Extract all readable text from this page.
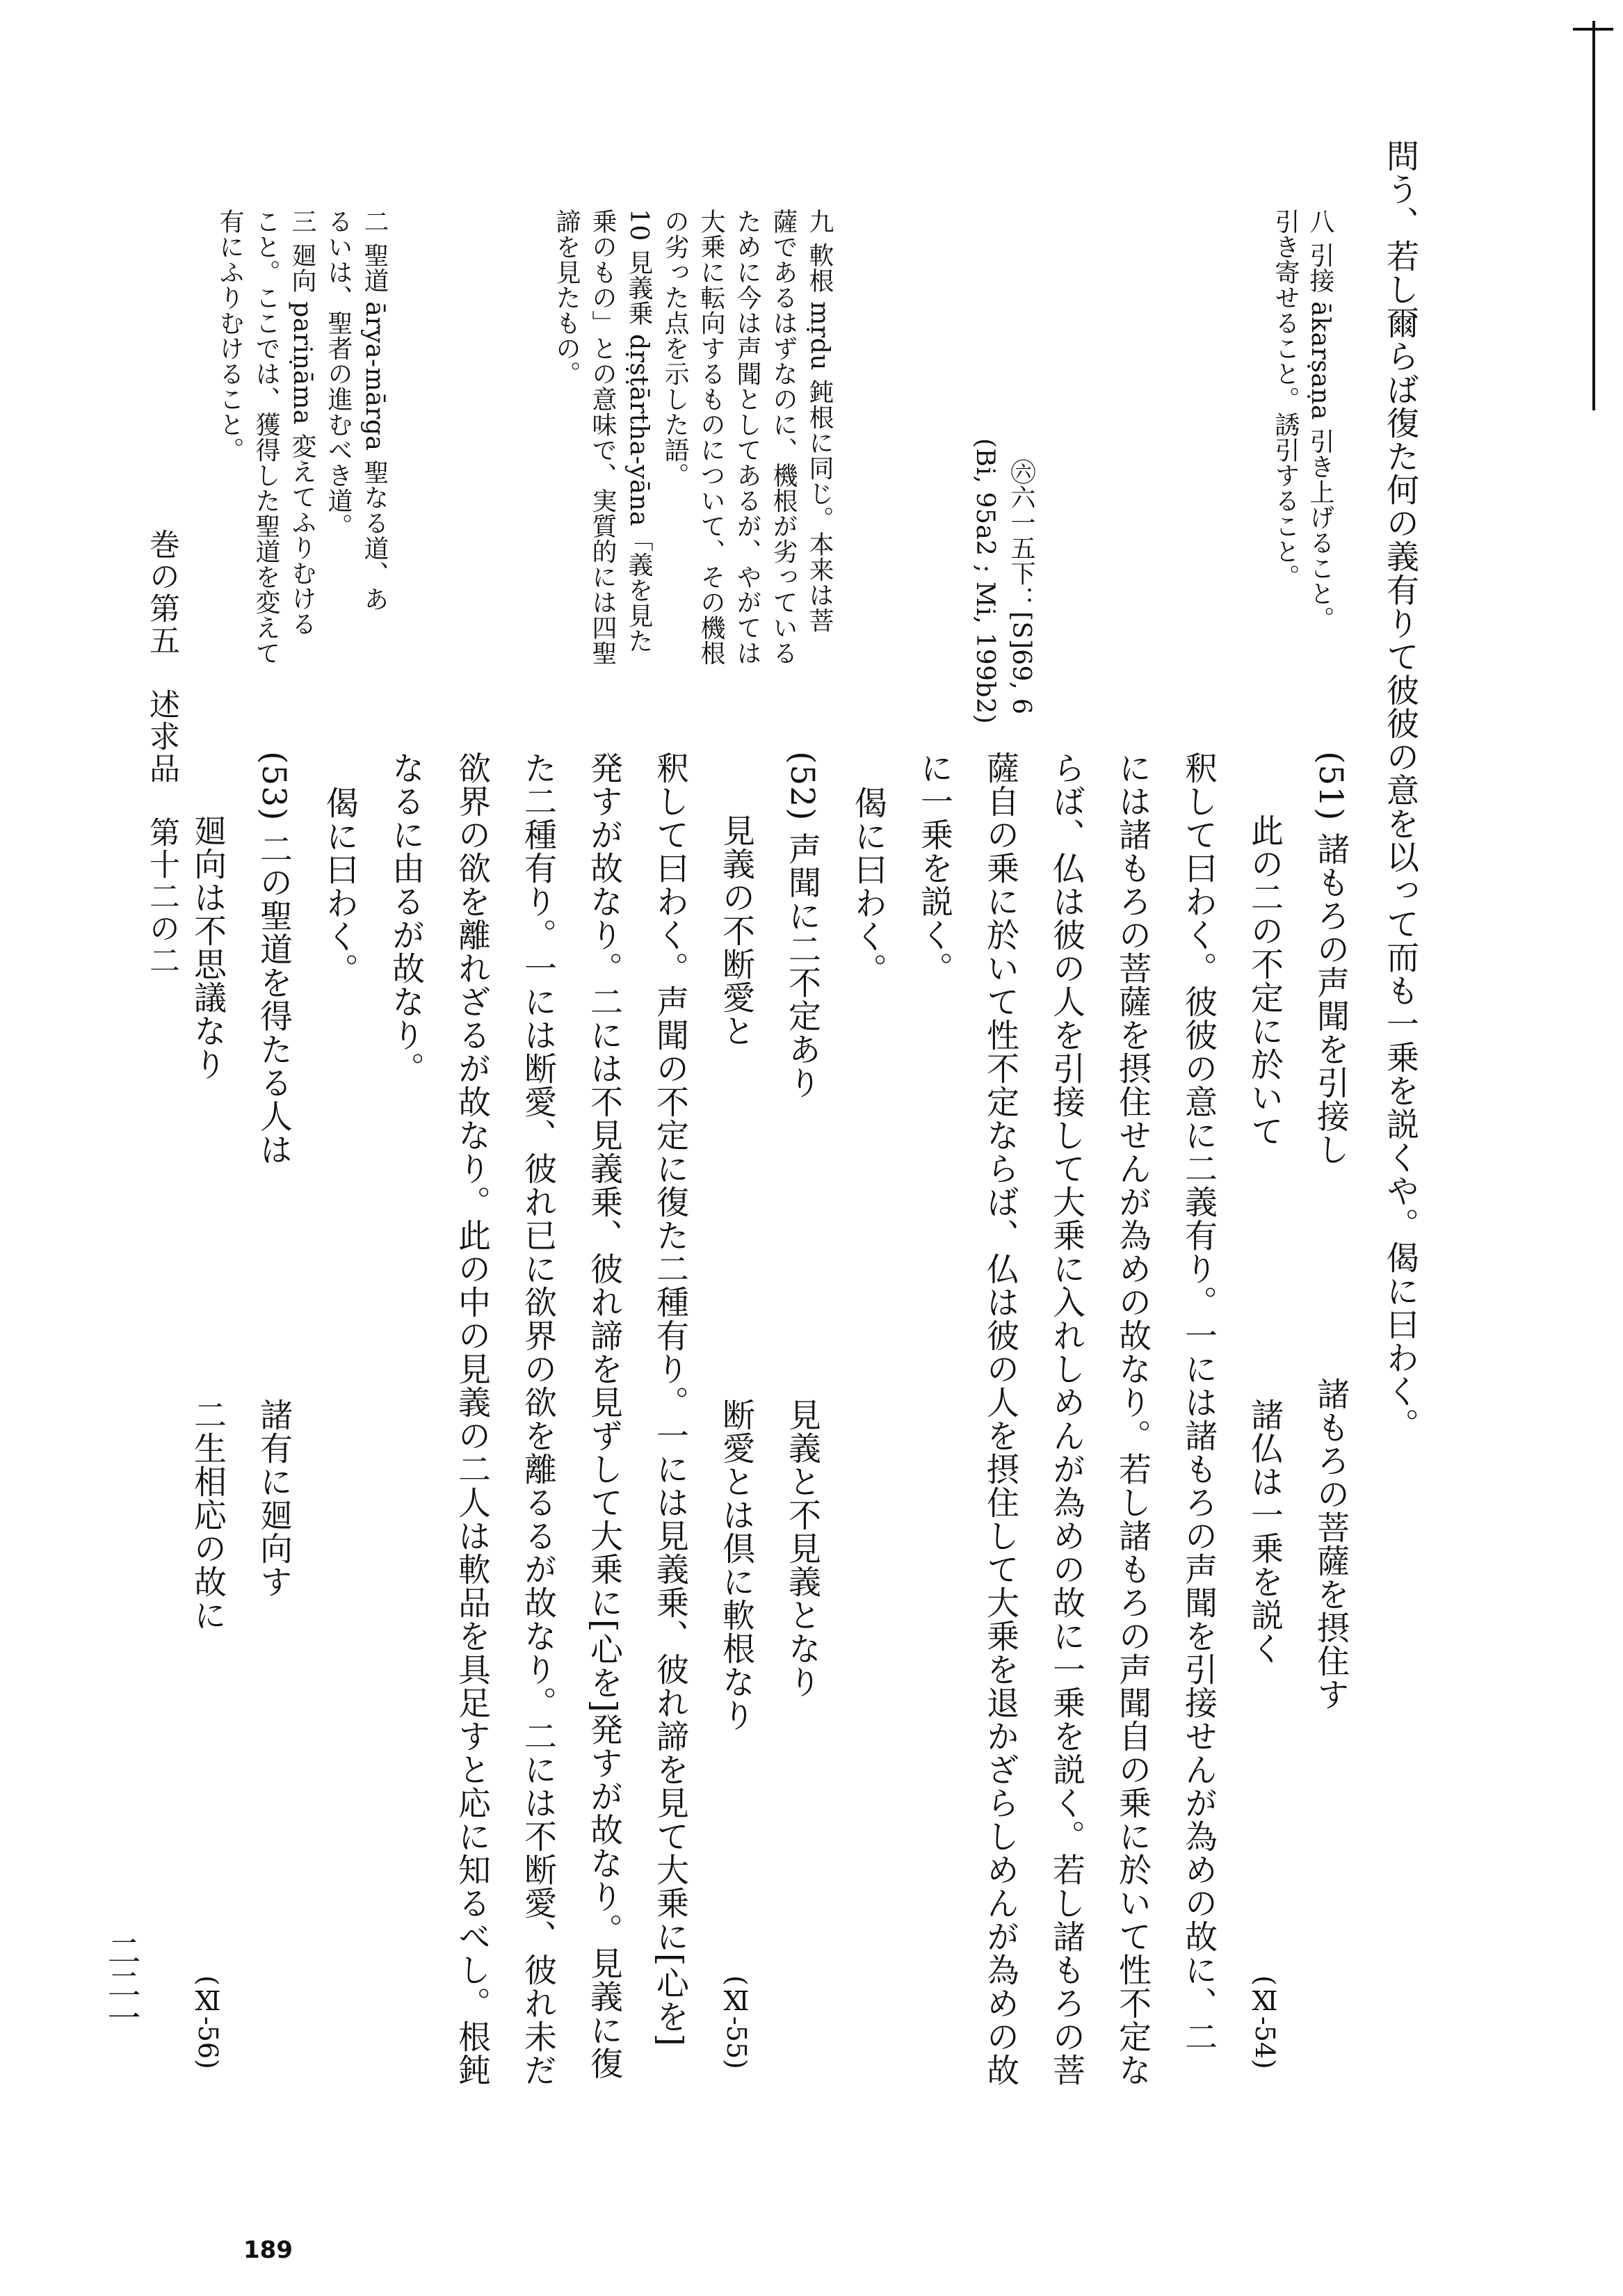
問う、若し爾らば復た何の義有りて彼彼の意を以って而も一乗を説くや。偈に曰わく。
(51) 諸もろの声聞を引接し
諸もろの菩薩を摂住す
此の二の不定に於いて
諸仏は一乗を説く
(Ⅺ-54)
釈して曰わく。彼彼の意に二義有り。一には諸もろの声聞を引接せんが為めの故に、二
には諸もろの菩薩を摂住せんが為めの故なり。若し諸もろの声聞自の乗に於いて性不定な
らば、仏は彼の人を引接して大乗に入れしめんが為めの故に一乗を説く。若し諸もろの菩
薩自の乗に於いて性不定ならば、仏は彼の人を摂住して大乗を退かざらしめんが為めの故
に一乗を説く。
偈に曰わく。
(52) 声聞に二不定あり
見義と不見義となり
見義の不断愛と
断愛とは倶に軟根なり
(Ⅺ-55)
釈して曰わく。声聞の不定に復た二種有り。一には見義乗、彼れ諦を見て大乗に[心を]
発すが故なり。二には不見義乗、彼れ諦を見ずして大乗に[心を]発すが故なり。見義に復
た二種有り。一には断愛、彼れ已に欲界の欲を離るるが故なり。二には不断愛、彼れ未だ
欲界の欲を離れざるが故なり。此の中の見義の二人は軟品を具足すと応に知るべし。根鈍
なるに由るが故なり。
偈に曰わく。
(53) 二の聖道を得たる人は
諸有に廻向す
廻向は不思議なり
二生相応の故に
(Ⅺ-56)
八 引接 ākarṣaṇa 引き上げること。
引き寄せること。誘引すること。
㊅六一五下：[S]69, 6
(Bi, 95a2 ; Mi, 199b2)
九 軟根 mṛdu 鈍根に同じ。本来は菩
薩であるはずなのに、機根が劣っている
ために今は声聞としてあるが、やがては
大乗に転向するものについて、その機根
の劣った点を示した語。
10 見義乗 dṛṣṭārtha-yāna「義を見た
乗のもの」との意味で、実質的には四聖
諦を見たもの。
二 聖道 ārya-mārga 聖なる道、あ
るいは、聖者の進むべき道。
三 廻向 pariṇāma 変えてふりむける
こと。ここでは、獲得した聖道を変えて
有にふりむけること。
巻の第五　述求品　第十二の二
二二一
189
